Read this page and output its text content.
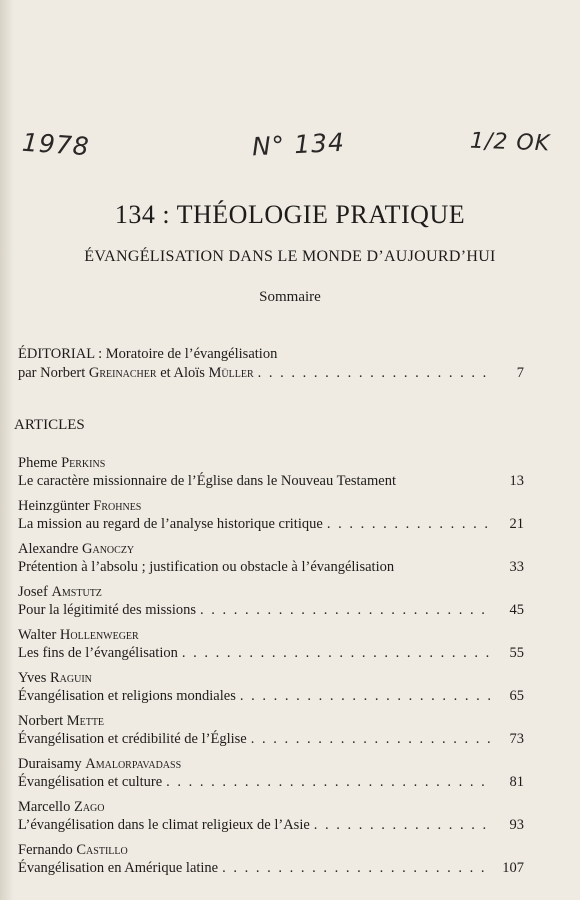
1978	N° 134	1/2 OK
134 : THÉOLOGIE PRATIQUE
ÉVANGÉLISATION DANS LE MONDE D’AUJOURD’HUI
Sommaire
ÉDITORIAL : Moratoire de l’évangélisation
par Norbert Greinacher et Aloïs Müller . . .	7
ARTICLES
Pheme Perkins
Le caractère missionnaire de l’Église dans le Nouveau Testament	13
Heinzgünter Frohnes
La mission au regard de l’analyse historique critique . . .	21
Alexandre Ganoczy
Prétention à l’absolu ; justification ou obstacle à l’évangélisation	33
Josef Amstutz
Pour la légitimité des missions . . .	45
Walter Hollenweger
Les fins de l’évangélisation . . .	55
Yves Raguin
Évangélisation et religions mondiales . . .	65
Norbert Mette
Évangélisation et crédibilité de l’Église . . .	73
Duraisamy Amalorpavadass
Évangélisation et culture . . .	81
Marcello Zago
L’évangélisation dans le climat religieux de l’Asie . . .	93
Fernando Castillo
Évangélisation en Amérique latine . . .	107
